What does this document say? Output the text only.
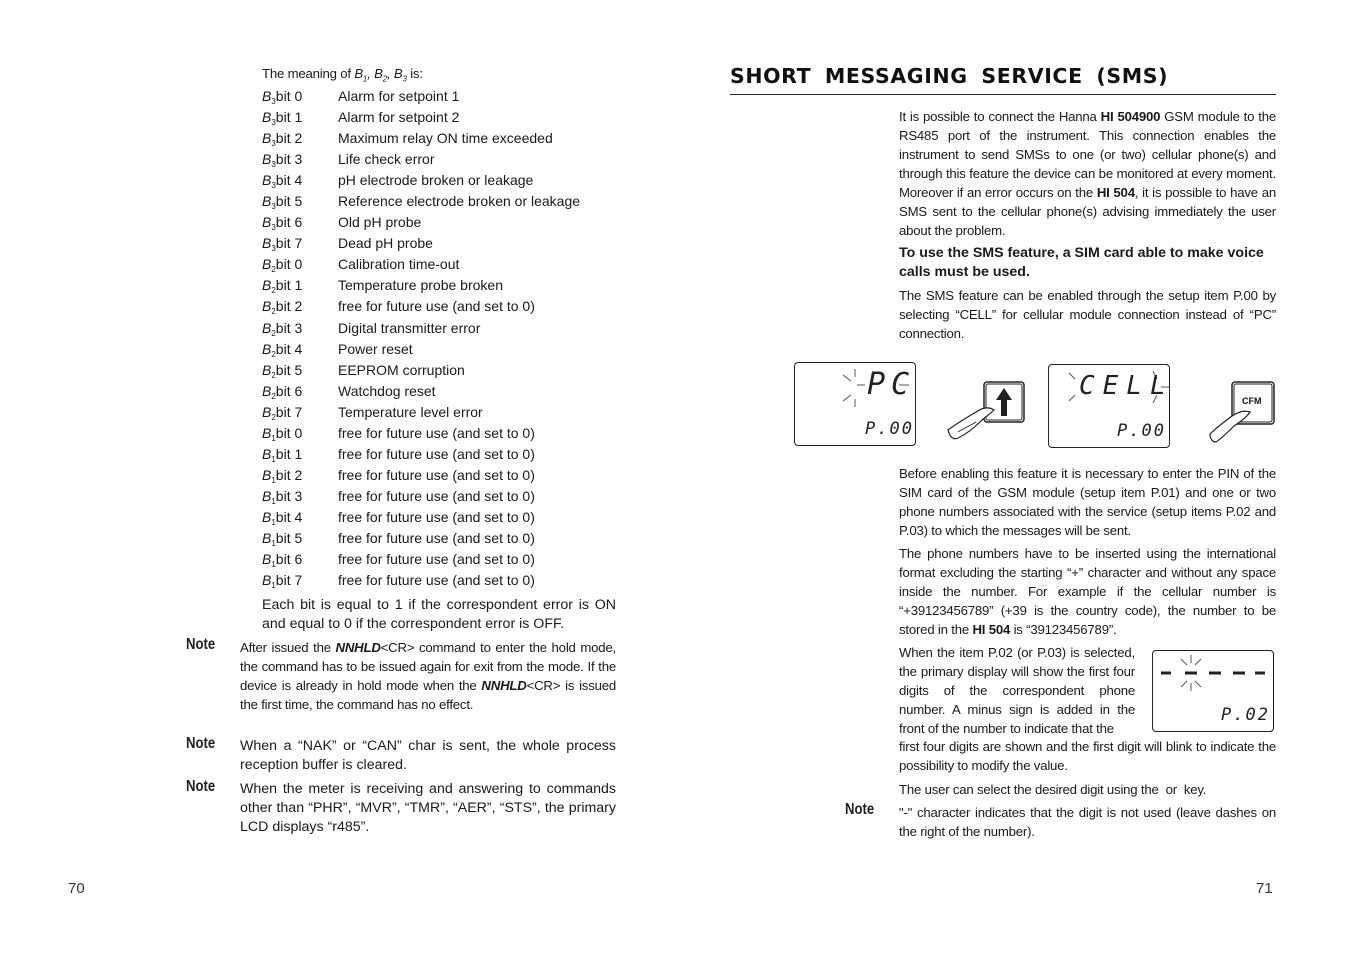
The meaning of $B_1$, $B_2$, $B_3$ is:
$B_3bit$ 0	Alarm for setpoint 1
$B_3bit$ 1	Alarm for setpoint 2
$B_3bit$ 2	Maximum relay ON time exceeded
$B_3bit$ 3	Life check error
$B_3bit$ 4	pH electrode broken or leakage
$B_3bit$ 5	Reference electrode broken or leakage
$B_3bit$ 6	Old pH probe
$B_3bit$ 7	Dead pH probe
$B_2bit$ 0	Calibration time-out
$B_2bit$ 1	Temperature probe broken
$B_2bit$ 2	free for future use (and set to 0)
$B_2bit$ 3	Digital transmitter error
$B_2bit$ 4	Power reset
$B_2bit$ 5	EEPROM corruption
$B_2bit$ 6	Watchdog reset
$B_2bit$ 7	Temperature level error
$B_1bit$ 0	free for future use (and set to 0)
$B_1bit$ 1	free for future use (and set to 0)
$B_1bit$ 2	free for future use (and set to 0)
$B_1bit$ 3	free for future use (and set to 0)
$B_1bit$ 4	free for future use (and set to 0)
$B_1bit$ 5	free for future use (and set to 0)
$B_1bit$ 6	free for future use (and set to 0)
$B_1bit$ 7	free for future use (and set to 0)
Each bit is equal to 1 if the correspondent error is ON and equal to 0 if the correspondent error is OFF.
Note After issued the NNHLD<CR> command to enter the hold mode, the command has to be issued again for exit from the mode. If the device is already in hold mode when the NNHLD<CR> is issued the first time, the command has no effect.
Note When a “NAK” or “CAN” char is sent, the whole process reception buffer is cleared.
Note When the meter is receiving and answering to commands other than “PHR”, “MVR”, “TMR”, “AER”, “STS”, the primary LCD displays “r485”.
70
SHORT MESSAGING SERVICE (SMS)
It is possible to connect the Hanna HI 504900 GSM module to the RS485 port of the instrument. This connection enables the instrument to send SMSs to one (or two) cellular phone(s) and through this feature the device can be monitored at every moment. Moreover if an error occurs on the HI 504, it is possible to have an SMS sent to the cellular phone(s) advising immediately the user about the problem.
To use the SMS feature, a SIM card able to make voice calls must be used.
The SMS feature can be enabled through the setup item P.00 by selecting “CELL” for cellular module connection instead of “PC” connection.
PC
P.00
CELL
P.00
CFM
Before enabling this feature it is necessary to enter the PIN of the SIM card of the GSM module (setup item P.01) and one or two phone numbers associated with the service (setup items P.02 and P.03) to which the messages will be sent.
The phone numbers have to be inserted using the international format excluding the starting “+” character and without any space inside the number. For example if the cellular number is “+39123456789” (+39 is the country code), the number to be stored in the HI 504 is “39123456789”.
When the item P.02 (or P.03) is selected, the primary display will show the first four digits of the correspondent phone number. A minus sign is added in the front of the number to indicate that the
P.02
first four digits are shown and the first digit will blink to indicate the possibility to modify the value.
The user can select the desired digit using the  or  key.
Note "-" character indicates that the digit is not used (leave dashes on the right of the number).
71
